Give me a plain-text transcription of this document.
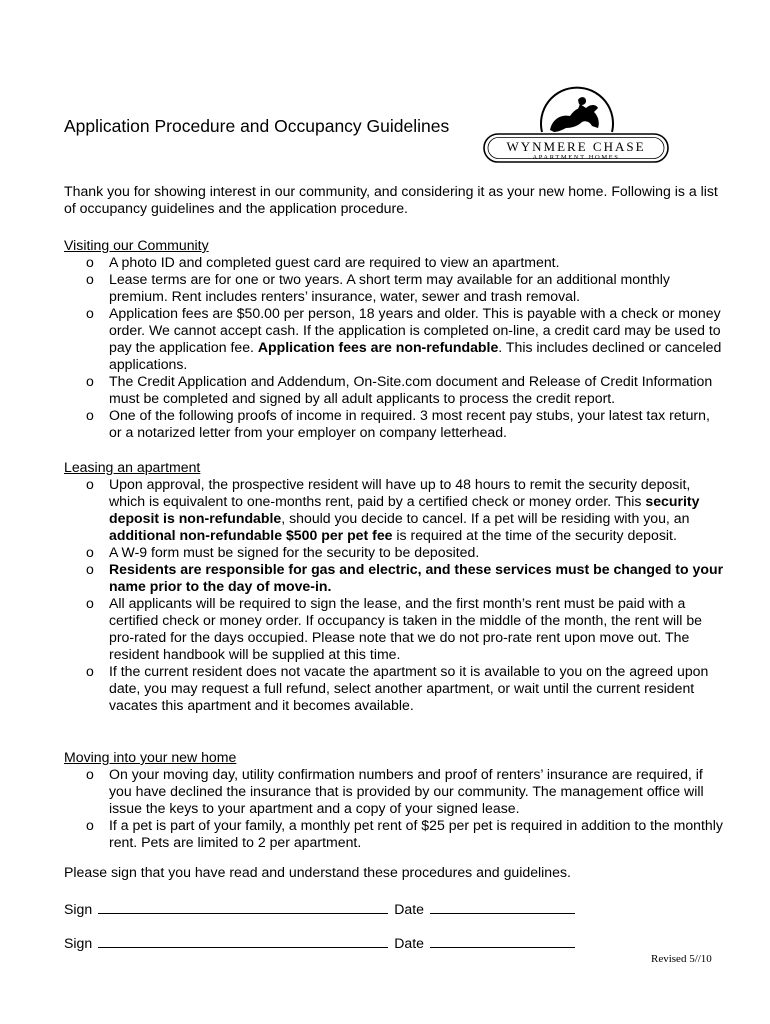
Application Procedure and Occupancy Guidelines
WYNMERE CHASE
APARTMENT HOMES

Thank you for showing interest in our community, and considering it as your new home. Following is a list of occupancy guidelines and the application procedure.

Visiting our Community

o A photo ID and completed guest card are required to view an apartment.
o Lease terms are for one or two years. A short term may available for an additional monthly premium. Rent includes renters’ insurance, water, sewer and trash removal.
o Application fees are $50.00 per person, 18 years and older. This is payable with a check or money order. We cannot accept cash. If the application is completed on-line, a credit card may be used to pay the application fee. Application fees are non-refundable. This includes declined or canceled applications.
o The Credit Application and Addendum, On-Site.com document and Release of Credit Information must be completed and signed by all adult applicants to process the credit report.
o One of the following proofs of income in required. 3 most recent pay stubs, your latest tax return, or a notarized letter from your employer on company letterhead.

Leasing an apartment

o Upon approval, the prospective resident will have up to 48 hours to remit the security deposit, which is equivalent to one-months rent, paid by a certified check or money order. This security deposit is non-refundable, should you decide to cancel. If a pet will be residing with you, an additional non-refundable $500 per pet fee is required at the time of the security deposit.
o A W-9 form must be signed for the security to be deposited.
o Residents are responsible for gas and electric, and these services must be changed to your name prior to the day of move-in.
o All applicants will be required to sign the lease, and the first month’s rent must be paid with a certified check or money order. If occupancy is taken in the middle of the month, the rent will be pro-rated for the days occupied. Please note that we do not pro-rate rent upon move out. The resident handbook will be supplied at this time.
o If the current resident does not vacate the apartment so it is available to you on the agreed upon date, you may request a full refund, select another apartment, or wait until the current resident vacates this apartment and it becomes available.

Moving into your new home

o On your moving day, utility confirmation numbers and proof of renters’ insurance are required, if you have declined the insurance that is provided by our community. The management office will issue the keys to your apartment and a copy of your signed lease.
o If a pet is part of your family, a monthly pet rent of $25 per pet is required in addition to the monthly rent. Pets are limited to 2 per apartment.

Please sign that you have read and understand these procedures and guidelines.

Sign	Date
Sign	Date
Revised 5//10
